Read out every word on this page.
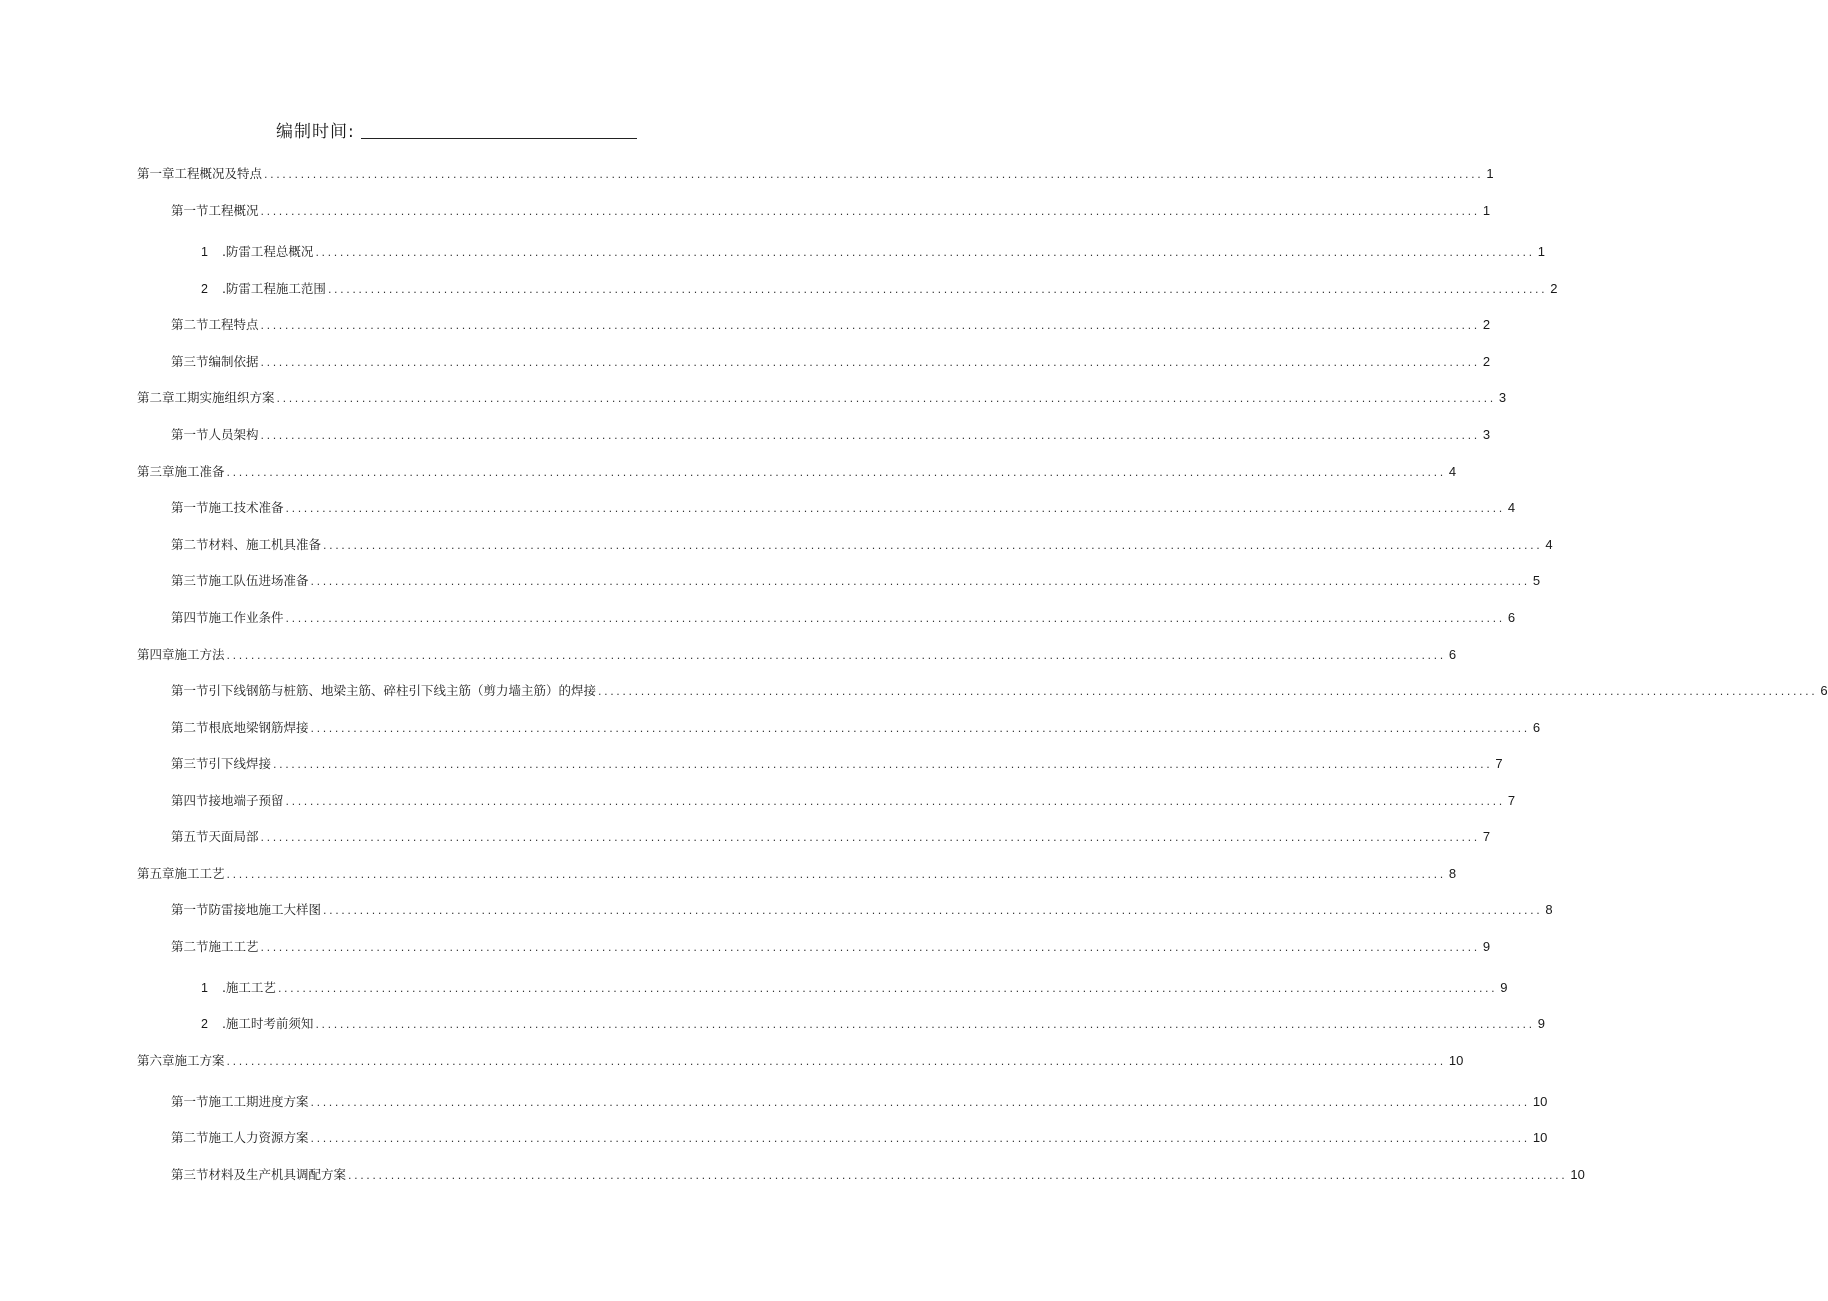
编制时间:
第一章工程概况及特点 ........................................................................................................................................................................................................ 1
第一节工程概况 ........................................................................................................................................................................................................ 1
1 .防雷工程总概况 ........................................................................................................................................................................................................ 1
2 .防雷工程施工范围 ........................................................................................................................................................................................................ 2
第二节工程特点 ........................................................................................................................................................................................................ 2
第三节编制依据 ........................................................................................................................................................................................................ 2
第二章工期实施组织方案 ........................................................................................................................................................................................................ 3
第一节人员架构 ........................................................................................................................................................................................................ 3
第三章施工准备 ........................................................................................................................................................................................................ 4
第一节施工技术准备 ........................................................................................................................................................................................................ 4
第二节材料、施工机具准备 ........................................................................................................................................................................................................ 4
第三节施工队伍进场准备 ........................................................................................................................................................................................................ 5
第四节施工作业条件 ........................................................................................................................................................................................................ 6
第四章施工方法 ........................................................................................................................................................................................................ 6
第一节引下线钢筋与桩筋、地梁主筋、碎柱引下线主筋（剪力墙主筋）的焊接 ........................................................................................................................................................................................................ 6
第二节根底地梁钢筋焊接 ........................................................................................................................................................................................................ 6
第三节引下线焊接 ........................................................................................................................................................................................................ 7
第四节接地端子预留 ........................................................................................................................................................................................................ 7
第五节天面局部 ........................................................................................................................................................................................................ 7
第五章施工工艺 ........................................................................................................................................................................................................ 8
第一节防雷接地施工大样图 ........................................................................................................................................................................................................ 8
第二节施工工艺 ........................................................................................................................................................................................................ 9
1 .施工工艺 ........................................................................................................................................................................................................ 9
2 .施工时考前须知 ........................................................................................................................................................................................................ 9
第六章施工方案 ........................................................................................................................................................................................................ 10
第一节施工工期进度方案 ........................................................................................................................................................................................................ 10
第二节施工人力资源方案 ........................................................................................................................................................................................................ 10
第三节材料及生产机具调配方案 ........................................................................................................................................................................................................ 10
